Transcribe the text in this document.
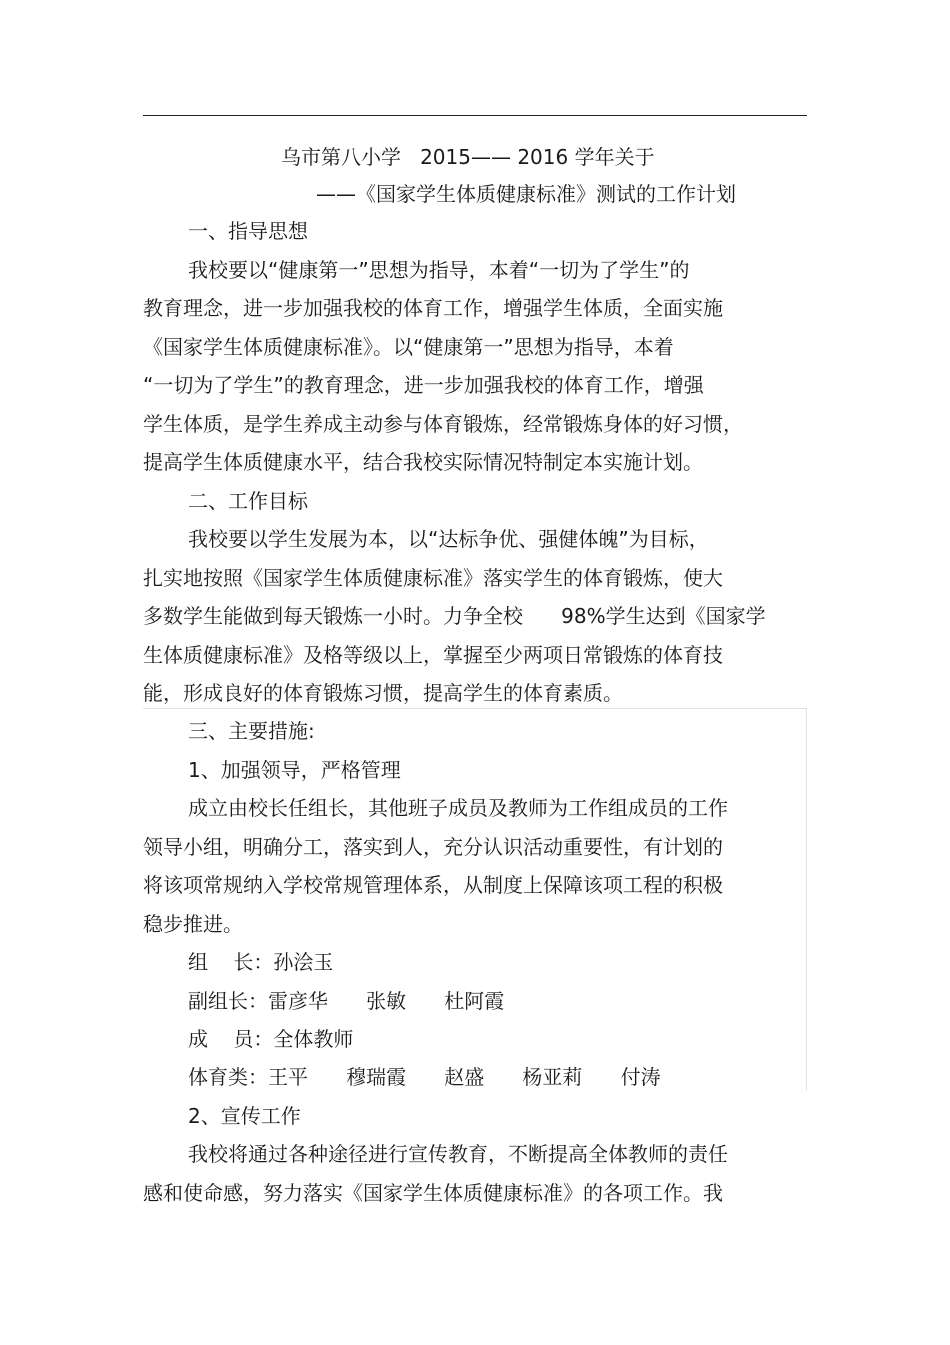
乌市第八小学   2015—— 2016 学年关于
——《国家学生体质健康标准》测试的工作计划
一、指导思想
我校要以“健康第一”思想为指导，本着“一切为了学生”的
教育理念，进一步加强我校的体育工作，增强学生体质，全面实施
《国家学生体质健康标准》。以“健康第一”思想为指导，本着
“一切为了学生”的教育理念，进一步加强我校的体育工作，增强
学生体质，是学生养成主动参与体育锻炼，经常锻炼身体的好习惯，
提高学生体质健康水平，结合我校实际情况特制定本实施计划。
二、工作目标
我校要以学生发展为本，以“达标争优、强健体魄”为目标，
扎实地按照《国家学生体质健康标准》落实学生的体育锻炼，使大
多数学生能做到每天锻炼一小时。力争全校      98%学生达到《国家学
生体质健康标准》及格等级以上，掌握至少两项日常锻炼的体育技
能，形成良好的体育锻炼习惯，提高学生的体育素质。
三、主要措施:
1、加强领导，严格管理
成立由校长任组长，其他班子成员及教师为工作组成员的工作
领导小组，明确分工，落实到人，充分认识活动重要性，有计划的
将该项常规纳入学校常规管理体系，从制度上保障该项工程的积极
稳步推进。
组    长：孙浍玉
副组长：雷彦华      张敏      杜阿霞
成    员：全体教师
体育类：王平      穆瑞霞      赵盛      杨亚莉      付涛
2、宣传工作
我校将通过各种途径进行宣传教育，不断提高全体教师的责任
感和使命感，努力落实《国家学生体质健康标准》的各项工作。我
